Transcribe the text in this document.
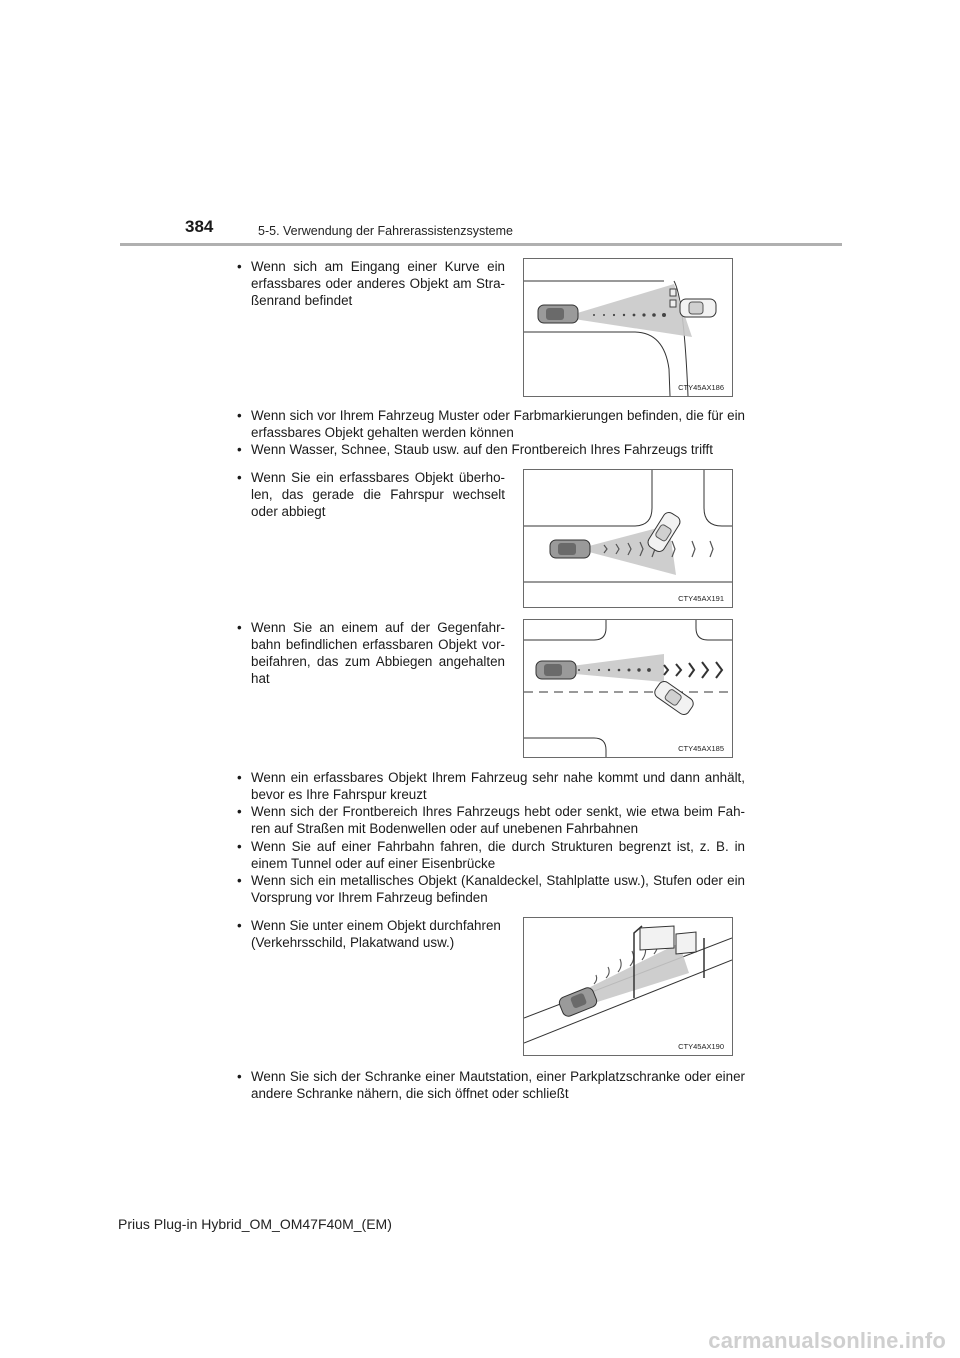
384	5-5. Verwendung der Fahrerassistenzsysteme
• Wenn sich am Eingang einer Kurve ein erfassbares oder anderes Objekt am Stra-ßenrand befindet
CTY45AX186
• Wenn sich vor Ihrem Fahrzeug Muster oder Farbmarkierungen befinden, die für ein erfassbares Objekt gehalten werden können
• Wenn Wasser, Schnee, Staub usw. auf den Frontbereich Ihres Fahrzeugs trifft
• Wenn Sie ein erfassbares Objekt überho-len, das gerade die Fahrspur wechselt oder abbiegt
CTY45AX191
• Wenn Sie an einem auf der Gegenfahr-bahn befindlichen erfassbaren Objekt vor-beifahren, das zum Abbiegen angehalten hat
CTY45AX185
• Wenn ein erfassbares Objekt Ihrem Fahrzeug sehr nahe kommt und dann anhält, bevor es Ihre Fahrspur kreuzt
• Wenn sich der Frontbereich Ihres Fahrzeugs hebt oder senkt, wie etwa beim Fah-ren auf Straßen mit Bodenwellen oder auf unebenen Fahrbahnen
• Wenn Sie auf einer Fahrbahn fahren, die durch Strukturen begrenzt ist, z. B. in einem Tunnel oder auf einer Eisenbrücke
• Wenn sich ein metallisches Objekt (Kanaldeckel, Stahlplatte usw.), Stufen oder ein Vorsprung vor Ihrem Fahrzeug befinden
• Wenn Sie unter einem Objekt durchfahren (Verkehrsschild, Plakatwand usw.)
CTY45AX190
• Wenn Sie sich der Schranke einer Mautstation, einer Parkplatzschranke oder einer andere Schranke nähern, die sich öffnet oder schließt
Prius Plug-in Hybrid_OM_OM47F40M_(EM)
carmanualsonline.info
